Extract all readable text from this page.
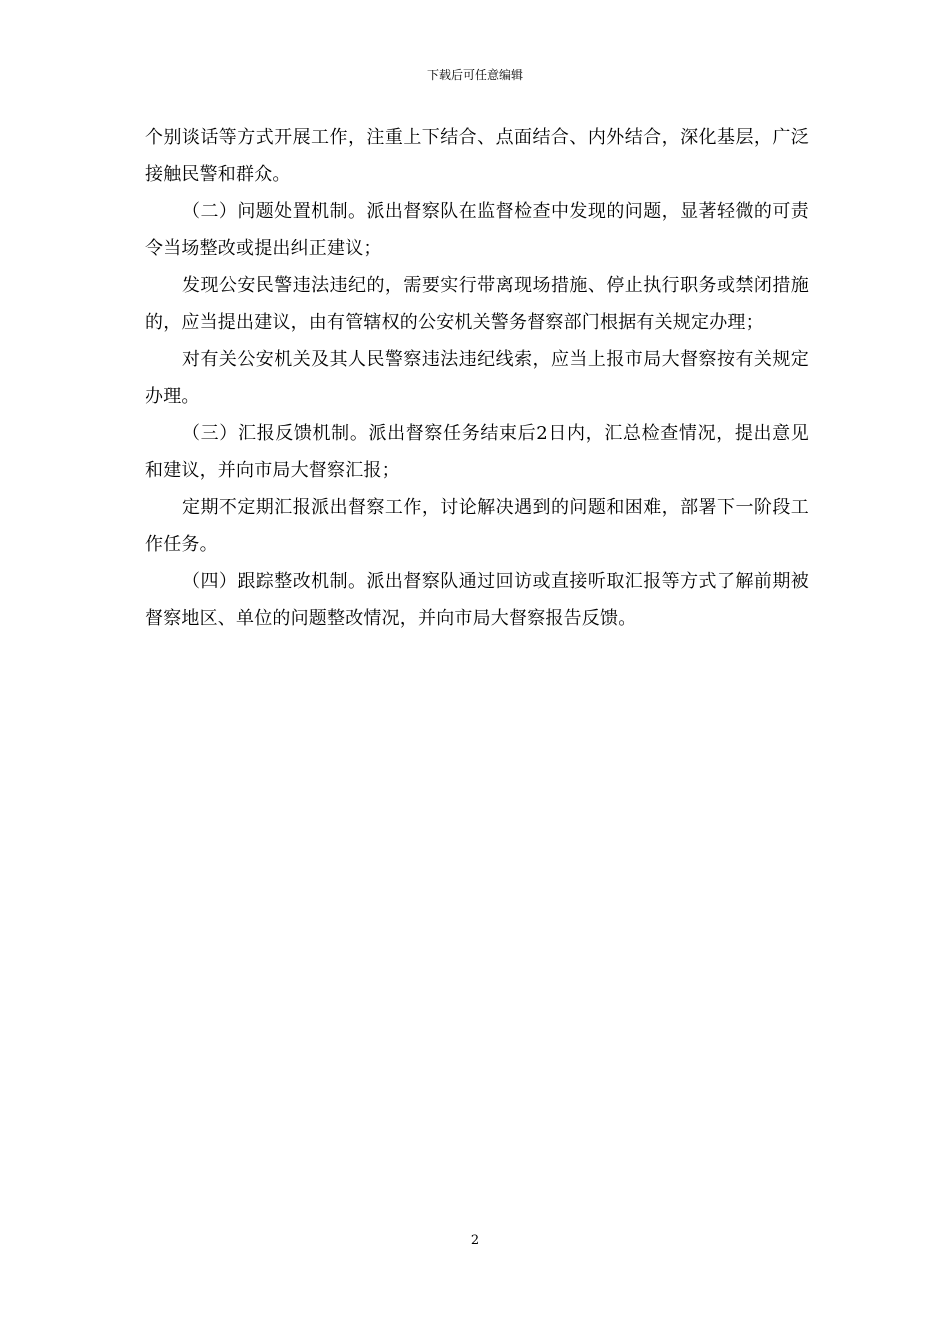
下载后可任意编辑

个别谈话等方式开展工作，注重上下结合、点面结合、内外结合，深化基层，广泛接触民警和群众。

（二）问题处置机制。派出督察队在监督检查中发现的问题，显著轻微的可责令当场整改或提出纠正建议；

发现公安民警违法违纪的，需要实行带离现场措施、停止执行职务或禁闭措施的，应当提出建议，由有管辖权的公安机关警务督察部门根据有关规定办理；

对有关公安机关及其人民警察违法违纪线索，应当上报市局大督察按有关规定办理。

（三）汇报反馈机制。派出督察任务结束后2日内，汇总检查情况，提出意见和建议，并向市局大督察汇报；

定期不定期汇报派出督察工作，讨论解决遇到的问题和困难，部署下一阶段工作任务。

（四）跟踪整改机制。派出督察队通过回访或直接听取汇报等方式了解前期被督察地区、单位的问题整改情况，并向市局大督察报告反馈。

2
